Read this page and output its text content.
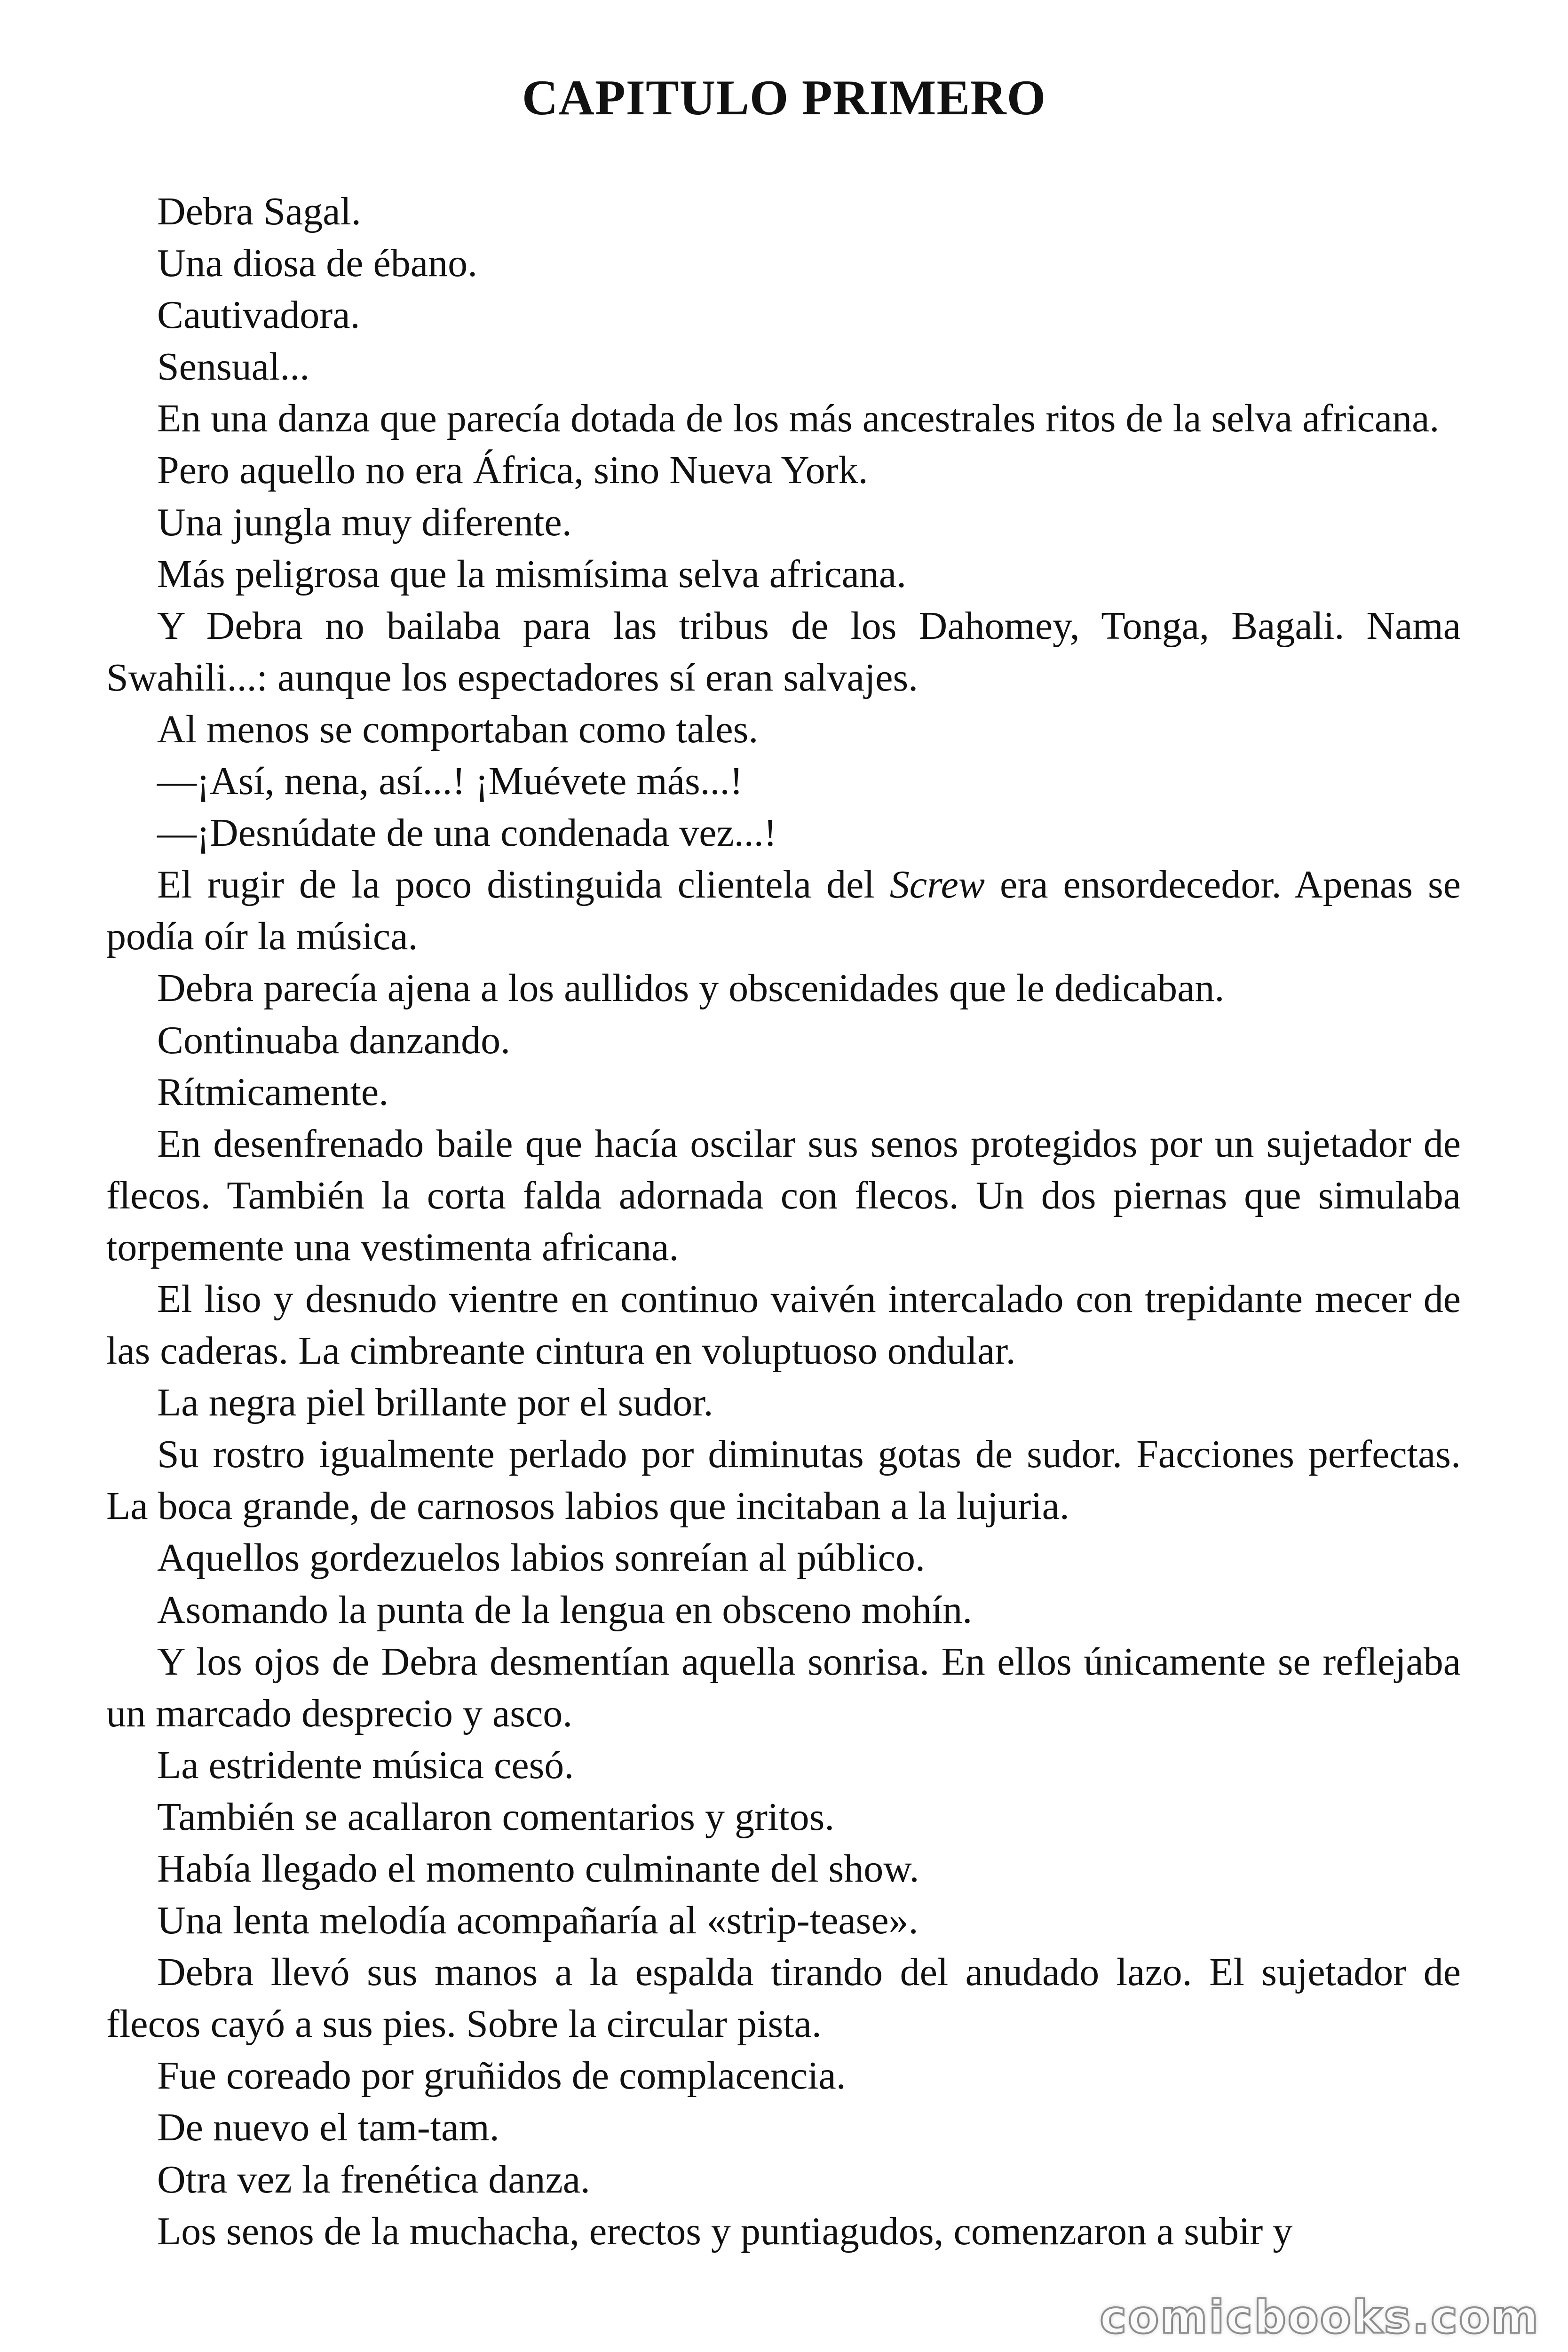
CAPITULO PRIMERO

Debra Sagal.

Una diosa de ébano.

Cautivadora.

Sensual...

En una danza que parecía dotada de los más ancestrales ritos de la selva africana.

Pero aquello no era África, sino Nueva York.

Una jungla muy diferente.

Más peligrosa que la mismísima selva africana.

Y Debra no bailaba para las tribus de los Dahomey, Tonga, Bagali. Nama Swahili...: aunque los espectadores sí eran salvajes.

Al menos se comportaban como tales.

—¡Así, nena, así...! ¡Muévete más...!

—¡Desnúdate de una condenada vez...!

El rugir de la poco distinguida clientela del Screw era ensordecedor. Apenas se podía oír la música.

Debra parecía ajena a los aullidos y obscenidades que le dedicaban.

Continuaba danzando.

Rítmicamente.

En desenfrenado baile que hacía oscilar sus senos protegidos por un sujetador de flecos. También la corta falda adornada con flecos. Un dos piernas que simulaba torpemente una vestimenta africana.

El liso y desnudo vientre en continuo vaivén intercalado con trepidante mecer de las caderas. La cimbreante cintura en voluptuoso ondular.

La negra piel brillante por el sudor.

Su rostro igualmente perlado por diminutas gotas de sudor. Facciones perfectas. La boca grande, de carnosos labios que incitaban a la lujuria.

Aquellos gordezuelos labios sonreían al público.

Asomando la punta de la lengua en obsceno mohín.

Y los ojos de Debra desmentían aquella sonrisa. En ellos únicamente se reflejaba un marcado desprecio y asco.

La estridente música cesó.

También se acallaron comentarios y gritos.

Había llegado el momento culminante del show.

Una lenta melodía acompañaría al «strip-tease».

Debra llevó sus manos a la espalda tirando del anudado lazo. El sujetador de flecos cayó a sus pies. Sobre la circular pista.

Fue coreado por gruñidos de complacencia.

De nuevo el tam-tam.

Otra vez la frenética danza.

Los senos de la muchacha, erectos y puntiagudos, comenzaron a subir y

comicbooks.com
